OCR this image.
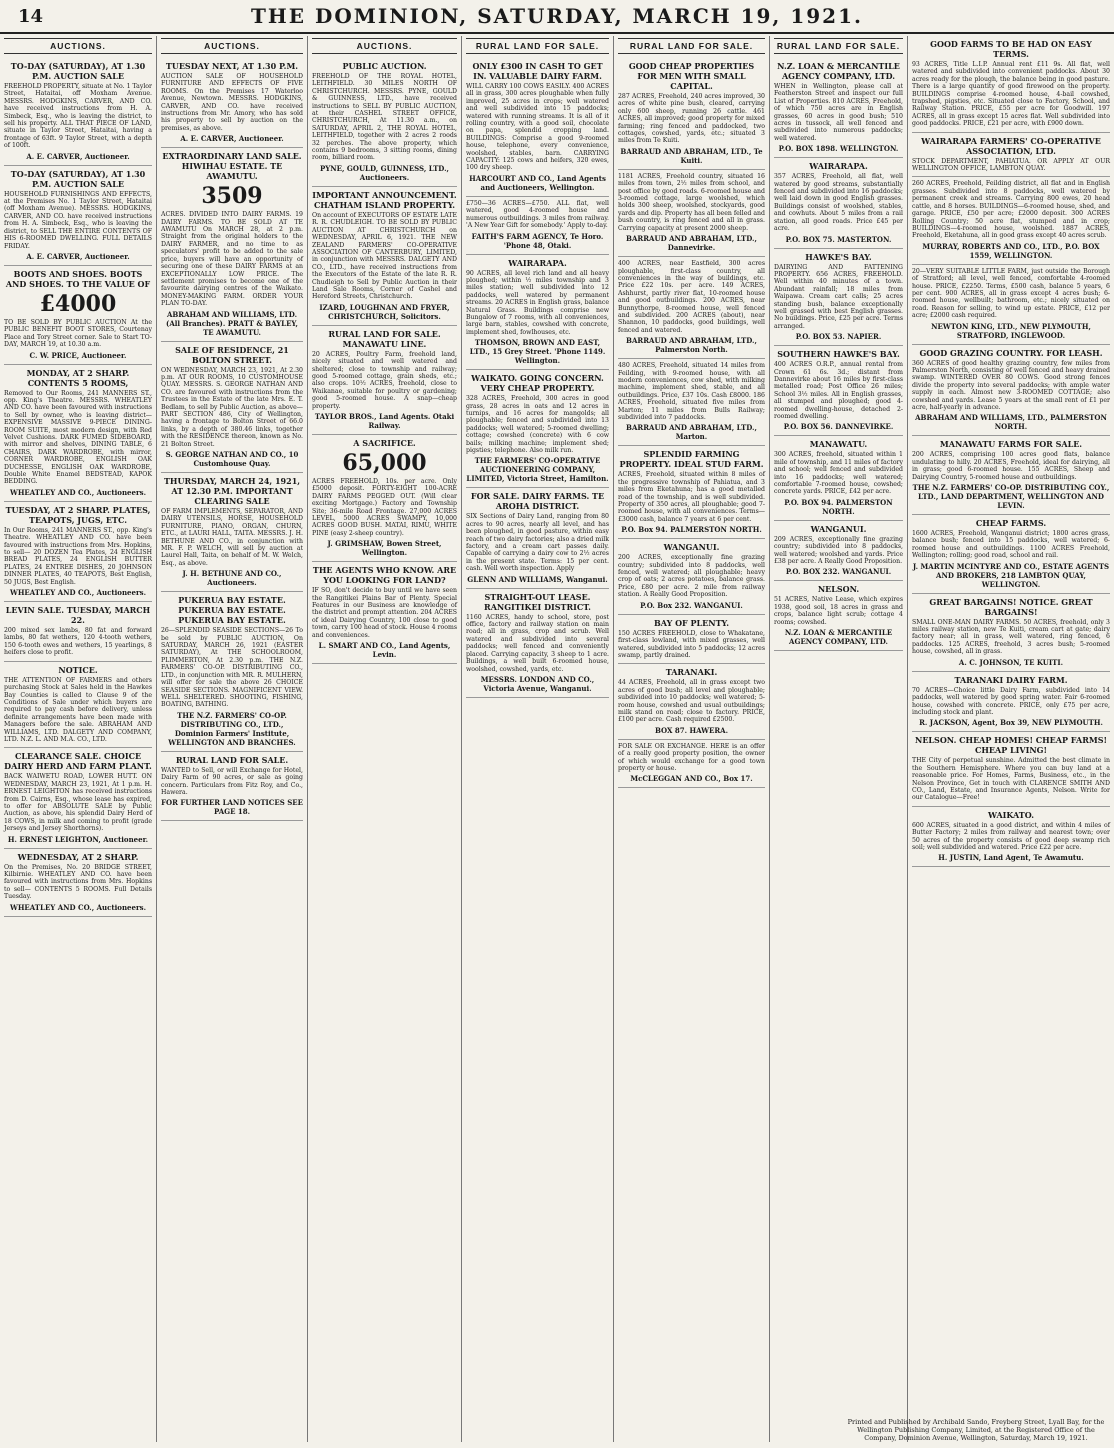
14	THE DOMINION, SATURDAY, MARCH 19, 1921.
AUCTIONS.
TO-DAY (SATURDAY), AT 1.30 P.M. AUCTION SALE
FREEHOLD PROPERTY, situate at No. 1 Taylor Street, Hataitai, off Moxham Avenue. MESSRS. HODGKINS, CARVER, AND CO. have received instructions from H. A. Simbeck, Esq., who is leaving the district, to sell his property. ALL THAT PIECE OF LAND, situate in Taylor Street, Hataitai, having a frontage of 63ft. 9 Taylor Street, with a depth of 100ft.
A. E. CARVER, Auctioneer.
TO-DAY (SATURDAY), AT 1.30 P.M. AUCTION SALE
HOUSEHOLD FURNISHINGS AND EFFECTS, at the Premises No. 1 Taylor Street, Hataitai (off Moxham Avenue). MESSRS. HODGKINS, CARVER, AND CO. have received instructions from H. A. Simbeck, Esq., who is leaving the district, to SELL THE ENTIRE CONTENTS OF HIS 6-ROOMED DWELLING. FULL DETAILS FRIDAY.
A. E. CARVER, Auctioneer.
BOOTS AND SHOES. BOOTS AND SHOES. TO THE VALUE OF
£4000
TO BE SOLD BY PUBLIC AUCTION At the PUBLIC BENEFIT BOOT STORES, Courtenay Place and Tory Street corner. Sale to Start TO-DAY, MARCH 19, at 10.30 a.m.
C. W. PRICE, Auctioneer.
MONDAY, AT 2 SHARP. CONTENTS 5 ROOMS,
Removed to Our Rooms, 241 MANNERS ST., opp. King's Theatre. MESSRS. WHEATLEY AND CO. have been favoured with instructions to Sell by owner, who is leaving district— EXPENSIVE MASSIVE 9-PIECE DINING-ROOM SUITE, most modern design, with Red Velvet Cushions. DARK FUMED SIDEBOARD, with mirror and shelves, DINING TABLE, 6 CHAIRS, DARK WARDROBE, with mirror, CORNER WARDROBE, ENGLISH OAK DUCHESSE, ENGLISH OAK WARDROBE, Double White Enamel BEDSTEAD, KAPOK BEDDING.
WHEATLEY AND CO., Auctioneers.
TUESDAY, AT 2 SHARP. PLATES, TEAPOTS, JUGS, ETC.
In Our Rooms, 241 MANNERS ST., opp. King's Theatre. WHEATLEY AND CO. have been favoured with instructions from Mrs. Hopkins, to sell— 20 DOZEN Tea Plates, 24 ENGLISH BREAD PLATES, 24 ENGLISH BUTTER PLATES, 24 ENTREE DISHES, 20 JOHNSON DINNER PLATES, 40 TEAPOTS, Best English, 50 JUGS, Best English.
WHEATLEY AND CO., Auctioneers.
LEVIN SALE. TUESDAY, MARCH 22.
200 mixed sex lambs, 80 fat and forward lambs, 80 fat wethers, 120 4-tooth wethers, 150 6-tooth ewes and wethers, 15 yearlings, 8 heifers close to profit.
NOTICE.
THE ATTENTION OF FARMERS and others purchasing Stock at Sales held in the Hawkes Bay Counties is called to Clause 9 of the Conditions of Sale under which buyers are required to pay cash before delivery, unless definite arrangements have been made with Managers before the sale. ABRAHAM AND WILLIAMS, LTD. DALGETY AND COMPANY, LTD. N.Z. L. AND M.A. CO., LTD.
CLEARANCE SALE. CHOICE DAIRY HERD AND FARM PLANT.
BACK WAIWETU ROAD, LOWER HUTT. ON WEDNESDAY, MARCH 23, 1921, At 1 p.m. H. ERNEST LEIGHTON has received instructions from D. Cairns, Esq., whose lease has expired, to offer for ABSOLUTE SALE by Public Auction, as above, his splendid Dairy Herd of 18 COWS, in milk and coming to profit (grade Jerseys and Jersey Shorthorns).
H. ERNEST LEIGHTON, Auctioneer.
WEDNESDAY, AT 2 SHARP.
On the Premises, No. 20 BRIDGE STREET, Kilbirnie. WHEATLEY AND CO. have been favoured with instructions from Mrs. Hopkins to sell— CONTENTS 5 ROOMS. Full Details Tuesday.
WHEATLEY AND CO., Auctioneers.
AUCTIONS.
TUESDAY NEXT, AT 1.30 P.M.
AUCTION SALE OF HOUSEHOLD FURNITURE AND EFFECTS OF FIVE ROOMS. On the Premises 17 Waterloo Avenue, Newtown. MESSRS. HODGKINS, CARVER, AND CO. have received instructions from Mr. Amory, who has sold his property to sell by auction on the premises, as above.
A. E. CARVER, Auctioneer.
EXTRAORDINARY LAND SALE. HIWIHAU ESTATE. TE AWAMUTU.
3509
ACRES. DIVIDED INTO DAIRY FARMS. 19 DAIRY FARMS. TO BE SOLD AT TE AWAMUTU On MARCH 28, at 2 p.m. Straight from the original holders to the DAIRY FARMER, and no time to as speculators' profit to be added to the sale price, buyers will have an opportunity of securing one of these DAIRY FARMS at an EXCEPTIONALLY LOW PRICE. The settlement promises to become one of the favourite dairying centres of the Waikato. MONEY-MAKING FARM. ORDER YOUR PLAN TO-DAY.
ABRAHAM AND WILLIAMS, LTD. (All Branches). PRATT & BAYLEY, TE AWAMUTU.
SALE OF RESIDENCE, 21 BOLTON STREET.
ON WEDNESDAY, MARCH 23, 1921, At 2.30 p.m. AT OUR ROOMS, 10 CUSTOMHOUSE QUAY. MESSRS. S. GEORGE NATHAN AND CO. are favoured with instructions from the Trustees in the Estate of the late Mrs. E. T. Bedlam, to sell by Public Auction, as above— PART SECTION 486, City of Wellington, having a frontage to Bolton Street of 66.0 links, by a depth of 380.46 links, together with the RESIDENCE thereon, known as No. 21 Bolton Street.
S. GEORGE NATHAN AND CO., 10 Customhouse Quay.
THURSDAY, MARCH 24, 1921, AT 12.30 P.M. IMPORTANT CLEARING SALE
OF FARM IMPLEMENTS, SEPARATOR, AND DAIRY UTENSILS, HORSE, HOUSEHOLD FURNITURE, PIANO, ORGAN, CHURN, ETC., at LAURI HALL, TAITA. MESSRS. J. H. BETHUNE AND CO., in conjunction with MR. F. P. WELCH, will sell by auction at Laurel Hall, Taita, on behalf of M. W. Welch, Esq., as above.
J. H. BETHUNE AND CO., Auctioneers.
PUKERUA BAY ESTATE. PUKERUA BAY ESTATE. PUKERUA BAY ESTATE.
26—SPLENDID SEASIDE SECTIONS—26 To be sold by PUBLIC AUCTION, On SATURDAY, MARCH 26, 1921 (EASTER SATURDAY), At THE SCHOOLROOM, PLIMMERTON, At 2.30 p.m. THE N.Z. FARMERS' CO-OP. DISTRIBUTING CO., LTD., in conjunction with MR. R. MULHERN, will offer for sale the above 26 CHOICE SEASIDE SECTIONS. MAGNIFICENT VIEW. WELL SHELTERED. SHOOTING, FISHING, BOATING, BATHING.
THE N.Z. FARMERS' CO-OP. DISTRIBUTING CO., LTD., Dominion Farmers' Institute, WELLINGTON AND BRANCHES.
RURAL LAND FOR SALE.
WANTED to Sell, or will Exchange for Hotel, Dairy Farm of 90 acres, or sale as going concern. Particulars from Fitz Roy, and Co., Hawera.
FOR FURTHER LAND NOTICES SEE PAGE 18.
AUCTIONS.
PUBLIC AUCTION.
FREEHOLD OF THE ROYAL HOTEL, LEITHFIELD. 30 MILES NORTH OF CHRISTCHURCH. MESSRS. PYNE, GOULD & GUINNESS, LTD., have received instructions to SELL BY PUBLIC AUCTION, at their CASHEL STREET OFFICE, CHRISTCHURCH, At 11.30 a.m., on SATURDAY, APRIL 2, THE ROYAL HOTEL, LEITHFIELD, together with 2 acres 2 roods 32 perches. The above property, which contains 9 bedrooms, 3 sitting rooms, dining room, billiard room.
PYNE, GOULD, GUINNESS, LTD., Auctioneers.
IMPORTANT ANNOUNCEMENT. CHATHAM ISLAND PROPERTY.
On account of EXECUTORS OF ESTATE LATE R. R. CHUDLEIGH. TO BE SOLD BY PUBLIC AUCTION AT CHRISTCHURCH on WEDNESDAY, APRIL 6, 1921. THE NEW ZEALAND FARMERS' CO-OPERATIVE ASSOCIATION OF CANTERBURY, LIMITED, in conjunction with MESSRS. DALGETY AND CO., LTD., have received instructions from the Executors of the Estate of the late R. R. Chudleigh to Sell by Public Auction in their Land Sale Rooms, Corner of Cashel and Hereford Streets, Christchurch.
IZARD, LOUGHNAN AND FRYER, CHRISTCHURCH, Solicitors.
RURAL LAND FOR SALE. MANAWATU LINE.
20 ACRES, Poultry Farm, freehold land, nicely situated and well watered and sheltered; close to township and railway; good 5-roomed cottage, grain sheds, etc.; also crops. 10½ ACRES, freehold, close to Waikanae, suitable for poultry or gardening; good 5-roomed house. A snap—cheap property.
TAYLOR BROS., Land Agents. Otaki Railway.
A SACRIFICE.
65,000
ACRES FREEHOLD, 10s. per acre. Only £5000 deposit. FORTY-EIGHT 100-ACRE DAIRY FARMS PEGGED OUT. (Will clear exciting Mortgage.) Factory and Township Site; 36-mile Road Frontage. 27,000 ACRES LEVEL, 5000 ACRES SWAMPY, 10,000 ACRES GOOD BUSH. MATAI, RIMU, WHITE PINE (easy 2-sheep country).
J. GRIMSHAW, Bowen Street, Wellington.
THE AGENTS WHO KNOW. ARE YOU LOOKING FOR LAND?
IF SO, don't decide to buy until we have seen the Rangitikei Plains Bar of Plenty. Special Features in our Business are knowledge of the district and prompt attention. 204 ACRES of ideal Dairying Country, 100 close to good town, carry 100 head of stock. House 4 rooms and conveniences.
L. SMART AND CO., Land Agents, Levin.
RURAL LAND FOR SALE.
ONLY £300 IN CASH TO GET IN. VALUABLE DAIRY FARM.
WILL CARRY 100 COWS EASILY. 400 ACRES all in grass, 300 acres ploughable when fully improved, 25 acres in crops; well watered and well subdivided into 15 paddocks; watered with running streams. It is all of it rolling country, with a good soil, chocolate on papa, splendid cropping land. BUILDINGS: Comprise a good 9-roomed house, telephone, every convenience, woolshed, stables, barn. CARRYING CAPACITY: 125 cows and heifers, 320 ewes, 100 dry sheep.
HARCOURT AND CO., Land Agents and Auctioneers, Wellington.
£750—36 ACRES—£750. ALL flat, well watered, good 4-roomed house and numerous outbuildings. 3 miles from railway. 'A New Year Gift for somebody.' Apply to-day.
FAITH'S FARM AGENCY, Te Horo. 'Phone 48, Otaki.
WAIRARAPA.
90 ACRES, all level rich land and all heavy ploughed; within ½ miles township and 3 miles station; well subdivided into 12 paddocks, well watered by permanent streams. 20 ACRES in English grass, balance Natural Grass. Buildings comprise new Bungalow of 7 rooms, with all conveniences, large barn, stables, cowshed with concrete, implement shed, fowlhouses, etc.
THOMSON, BROWN AND EAST, LTD., 15 Grey Street. 'Phone 1149. Wellington.
WAIKATO. GOING CONCERN. VERY CHEAP PROPERTY.
328 ACRES, Freehold, 300 acres in good grass, 28 acres in oats and 12 acres in turnips, and 16 acres for mangolds; all ploughable; fenced and subdivided into 13 paddocks; well watered; 5-roomed dwelling; cottage; cowshed (concrete) with 6 cow bails; milking machine; implement shed; pigsties; telephone. Also milk run.
THE FARMERS' CO-OPERATIVE AUCTIONEERING COMPANY, LIMITED, Victoria Street, Hamilton.
FOR SALE. DAIRY FARMS. TE AROHA DISTRICT.
SIX Sections of Dairy Land, ranging from 80 acres to 90 acres, nearly all level, and has been ploughed, in good pasture, within easy reach of two dairy factories; also a dried milk factory, and a cream cart passes daily. Capable of carrying a dairy cow to 2½ acres in the present state. Terms: 15 per cent. cash. Well worth inspection. Apply
GLENN AND WILLIAMS, Wanganui.
STRAIGHT-OUT LEASE. RANGITIKEI DISTRICT.
1160 ACRES, handy to school, store, post office, factory and railway station on main road; all in grass, crop and scrub. Well watered and subdivided into several paddocks; well fenced and conveniently placed. Carrying capacity, 3 sheep to 1 acre. Buildings, a well built 6-roomed house, woolshed, cowshed, yards, etc.
MESSRS. LONDON AND CO., Victoria Avenue, Wanganui.
RURAL LAND FOR SALE.
GOOD CHEAP PROPERTIES FOR MEN WITH SMALL CAPITAL.
287 ACRES, Freehold, 240 acres improved, 30 acres of white pine bush, cleared, carrying only 600 sheep, running 26 cattle. 461 ACRES, all improved; good property for mixed farming; ring fenced and paddocked, two cottages, cowshed, yards, etc.; situated 3 miles from Te Kuiti.
BARRAUD AND ABRAHAM, LTD., Te Kuiti.
1181 ACRES, Freehold country, situated 16 miles from town, 2½ miles from school, and post office by good roads. 6-roomed house and 3-roomed cottage, large woolshed, which holds 300 sheep, woolshed, stockyards, good yards and dip. Property has all been felled and bush country, is ring fenced and all in grass. Carrying capacity at present 2000 sheep.
BARRAUD AND ABRAHAM, LTD., Dannevirke.
400 ACRES, near Eastfield, 300 acres ploughable, first-class country, all conveniences in the way of buildings, etc. Price £22 10s. per acre. 149 ACRES, Ashhurst, partly river flat, 10-roomed house and good outbuildings. 200 ACRES, near Bunnythorpe, 8-roomed house, well fenced and subdivided. 200 ACRES (about), near Shannon, 10 paddocks, good buildings, well fenced and watered.
BARRAUD AND ABRAHAM, LTD., Palmerston North.
480 ACRES, Freehold, situated 14 miles from Feilding, with 9-roomed house, with all modern conveniences, cow shed, with milking machine, implement shed, stable, and all outbuildings. Price, £37 10s. Cash £8000. 186 ACRES, Freehold, situated five miles from Marton; 11 miles from Bulls Railway; subdivided into 7 paddocks.
BARRAUD AND ABRAHAM, LTD., Marton.
SPLENDID FARMING PROPERTY. IDEAL STUD FARM.
ACRES, Freehold, situated within 8 miles of the progressive township of Pahiatua, and 3 miles from Eketahuna; has a good metalled road of the township, and is well subdivided. Property of 350 acres, all ploughable; good 7-roomed house, with all conveniences. Terms—£3000 cash, balance 7 years at 6 per cent.
P.O. Box 94. PALMERSTON NORTH.
WANGANUI.
200 ACRES, exceptionally fine grazing country; subdivided into 8 paddocks, well fenced, well watered; all ploughable; heavy crop of oats; 2 acres potatoes, balance grass. Price, £80 per acre. 2 mile from railway station. A Really Good Proposition.
P.O. Box 232. WANGANUI.
BAY OF PLENTY.
150 ACRES FREEHOLD, close to Whakatane, first-class lowland, with mixed grasses, well watered, subdivided into 5 paddocks; 12 acres swamp, partly drained.
TARANAKI.
44 ACRES, Freehold, all in grass except two acres of good bush; all level and ploughable; subdivided into 10 paddocks; well watered; 5-room house, cowshed and usual outbuildings; milk stand on road; close to factory. PRICE, £100 per acre. Cash required £2500.
BOX 87. HAWERA.
FOR SALE OR EXCHANGE. HERE is an offer of a really good property position, the owner of which would exchange for a good town property or house.
McCLEGGAN AND CO., Box 17.
RURAL LAND FOR SALE.
N.Z. LOAN & MERCANTILE AGENCY COMPANY, LTD.
WHEN in Wellington, please call at Featherston Street and inspect our full List of Properties. 810 ACRES, Freehold, of which 750 acres are in English grasses, 60 acres in good bush; 510 acres in tussock, all well fenced and subdivided into numerous paddocks; well watered.
P.O. BOX 1898. WELLINGTON.
WAIRARAPA.
357 ACRES, Freehold, all flat, well watered by good streams, substantially fenced and subdivided into 16 paddocks; well laid down in good English grasses. Buildings consist of woolshed, stables, and cowhuts. About 5 miles from a rail station, all good roads. Price £45 per acre.
P.O. BOX 75. MASTERTON.
HAWKE'S BAY.
DAIRYING AND FATTENING PROPERTY. 656 ACRES, FREEHOLD. Well within 40 minutes of a town. Abundant rainfall; 18 miles from Waipawa. Cream cart calls; 25 acres standing bush, balance exceptionally well grassed with best English grasses. No buildings. Price, £25 per acre. Terms arranged.
P.O. BOX 53. NAPIER.
SOUTHERN HAWKE'S BAY.
400 ACRES O.R.P., annual rental from Crown 61 6s. 3d.; distant from Dannevirke about 16 miles by first-class metalled road; Post Office 26 miles; School 3½ miles. All in English grasses, all stumped and ploughed; good 4-roomed dwelling-house, detached 2-roomed dwelling.
P.O. BOX 56. DANNEVIRKE.
MANAWATU.
300 ACRES, freehold, situated within 1 mile of township, and 11 miles of factory and school; well fenced and subdivided into 16 paddocks; well watered; comfortable 7-roomed house, cowshed; concrete yards. PRICE, £42 per acre.
P.O. BOX 94. PALMERSTON NORTH.
WANGANUI.
209 ACRES, exceptionally fine grazing country; subdivided into 8 paddocks, well watered; woolshed and yards. Price £38 per acre. A Really Good Proposition.
P.O. BOX 232. WANGANUI.
NELSON.
51 ACRES, Native Lease, which expires 1938, good soil, 18 acres in grass and crops, balance light scrub; cottage 4 rooms; cowshed.
N.Z. LOAN & MERCANTILE AGENCY COMPANY, LTD.
GOOD FARMS TO BE HAD ON EASY TERMS.
93 ACRES, Title L.I.P. Annual rent £11 9s. All flat, well watered and subdivided into convenient paddocks. About 30 acres ready for the plough, the balance being in good pasture. There is a large quantity of good firewood on the property. BUILDINGS comprise 4-roomed house, 4-bail cowshed, trapshed, pigsties, etc. Situated close to Factory, School, and Railway Station. PRICE, £55 per acre for Goodwill. 197 ACRES, all in grass except 15 acres flat. Well subdivided into good paddocks. PRICE, £21 per acre, with £900 down.
WAIRARAPA FARMERS' CO-OPERATIVE ASSOCIATION, LTD.
STOCK DEPARTMENT, PAHIATUA. OR APPLY AT OUR WELLINGTON OFFICE, LAMBTON QUAY.
260 ACRES, Freehold, Feilding district, all flat and in English grasses. Subdivided into 8 paddocks, well watered by permanent creek and streams. Carrying 800 ewes, 20 head cattle, and 8 horses. BUILDINGS—6-roomed house, shed, and garage. PRICE, £50 per acre; £2000 deposit. 300 ACRES Rolling Country; 50 acre flat, stumped and in crop; BUILDINGS—4-roomed house, woolshed. 1887 ACRES, Freehold, Eketahuna, all in good grass except 40 acres scrub.
MURRAY, ROBERTS AND CO., LTD., P.O. BOX 1559, WELLINGTON.
20—VERY SUITABLE LITTLE FARM, just outside the Borough of Stratford; all level, well fenced, comfortable 4-roomed house. PRICE, £2250. Terms, £500 cash, balance 5 years, 6 per cent. 900 ACRES, all in grass except 4 acres bush; 6-roomed house, wellbuilt; bathroom, etc.; nicely situated on road. Reason for selling, to wind up estate. PRICE, £12 per acre; £2000 cash required.
NEWTON KING, LTD., NEW PLYMOUTH, STRATFORD, INGLEWOOD.
GOOD GRAZING COUNTRY. FOR LEASH.
360 ACRES of good healthy grazing country, few miles from Palmerston North, consisting of well fenced and heavy drained swamp. WINTERED OVER 80 COWS. Good strong fences divide the property into several paddocks; with ample water supply in each. Almost new 3-ROOMED COTTAGE; also cowshed and yards. Lease 5 years at the small rent of £1 per acre, half-yearly in advance.
ABRAHAM AND WILLIAMS, LTD., PALMERSTON NORTH.
MANAWATU FARMS FOR SALE.
200 ACRES, comprising 100 acres good flats, balance undulating to hilly. 20 ACRES, Freehold, ideal for dairying, all in grass; good 6-roomed house. 155 ACRES, Sheep and Dairying Country, 5-roomed house and outbuildings.
THE N.Z. FARMERS' CO-OP. DISTRIBUTING COY., LTD., LAND DEPARTMENT, WELLINGTON AND LEVIN.
CHEAP FARMS.
1600 ACRES, Freehold, Wanganui district; 1800 acres grass, balance bush; fenced into 15 paddocks, well watered; 6-roomed house and outbuildings. 1100 ACRES Freehold, Wellington; rolling; good road, school and rail.
J. MARTIN MCINTYRE AND CO., ESTATE AGENTS AND BROKERS, 218 LAMBTON QUAY, WELLINGTON.
GREAT BARGAINS! NOTICE. GREAT BARGAINS!
SMALL ONE-MAN DAIRY FARMS. 50 ACRES, freehold, only 3 miles railway station, new Te Kuiti, cream cart at gate; dairy factory near; all in grass, well watered, ring fenced, 6 paddocks. 125 ACRES, freehold, 3 acres bush; 5-roomed house, cowshed, all in grass.
A. C. JOHNSON, TE KUITI.
TARANAKI DAIRY FARM.
70 ACRES—Choice little Dairy Farm, subdivided into 14 paddocks, well watered by good spring water. Fair 6-roomed house, cowshed with concrete. PRICE, only £75 per acre, including stock and plant.
R. JACKSON, Agent, Box 39, NEW PLYMOUTH.
NELSON. CHEAP HOMES! CHEAP FARMS! CHEAP LIVING!
THE City of perpetual sunshine. Admitted the best climate in the Southern Hemisphere. Where you can buy land at a reasonable price. For Homes, Farms, Business, etc., in the Nelson Province, Get in touch with CLARENCE SMITH AND CO., Land, Estate, and Insurance Agents, Nelson. Write for our Catalogue—Free!
WAIKATO.
600 ACRES, situated in a good district, and within 4 miles of Butter Factory; 2 miles from railway and nearest town; over 50 acres of the property consists of good deep swamp rich soil; well subdivided and watered. Price £22 per acre.
H. JUSTIN, Land Agent, Te Awamutu.
Printed and Published by Archibald Sando, Freyberg Street, Lyall Bay, for the Wellington Publishing Company, Limited, at the Registered Office of the Company, Dominion Avenue, Wellington, Saturday, March 19, 1921.
